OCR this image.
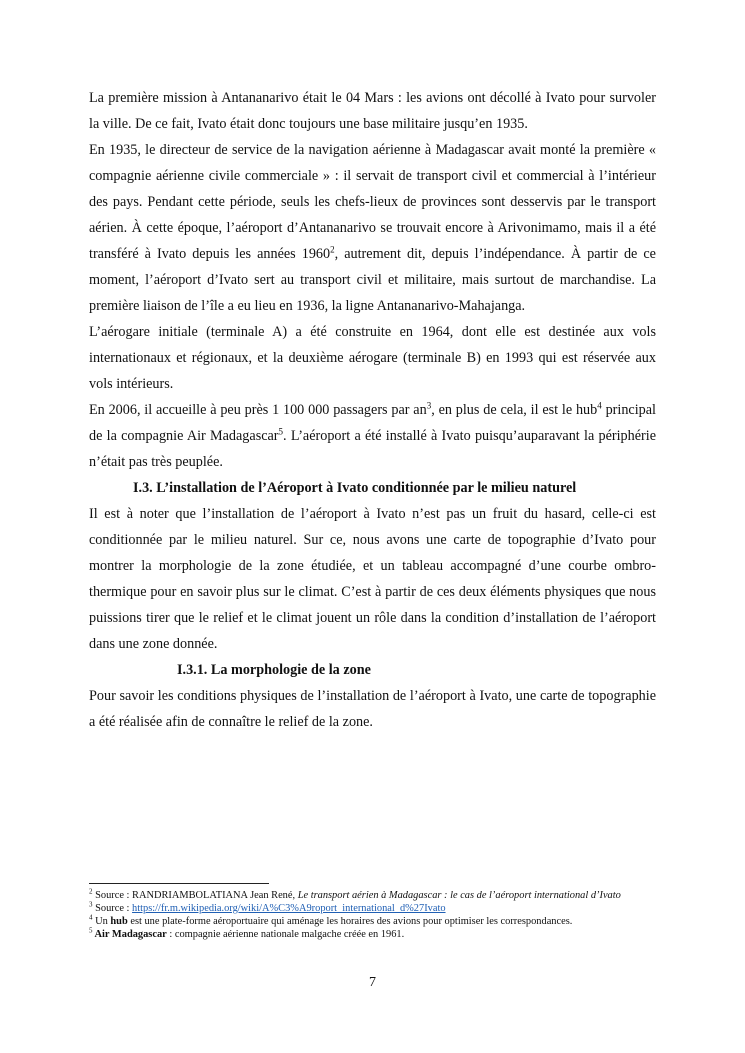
La première mission à Antananarivo était le 04 Mars : les avions ont décollé à Ivato pour survoler la ville. De ce fait, Ivato était donc toujours une base militaire jusqu’en 1935.

En 1935, le directeur de service de la navigation aérienne à Madagascar avait monté la première « compagnie aérienne civile commerciale » : il servait de transport civil et commercial à l’intérieur des pays. Pendant cette période, seuls les chefs-lieux de provinces sont desservis par le transport aérien. À cette époque, l’aéroport d’Antananarivo se trouvait encore à Arivonimamo, mais il a été transféré à Ivato depuis les années 1960$^2$, autrement dit, depuis l’indépendance. À partir de ce moment, l’aéroport d’Ivato sert au transport civil et militaire, mais surtout de marchandise. La première liaison de l’île a eu lieu en 1936, la ligne Antananarivo-Mahajanga.

L’aérogare initiale (terminale A) a été construite en 1964, dont elle est destinée aux vols internationaux et régionaux, et la deuxième aérogare (terminale B) en 1993 qui est réservée aux vols intérieurs.

En 2006, il accueille à peu près 1 100 000 passagers par $an^3$, en plus de cela, il est le hub$^4$ principal de la compagnie Air Madagascar$^5$. L’aéroport a été installé à Ivato puisqu’auparavant la périphérie n’était pas très peuplée.

I.3. L’installation de l’Aéroport à Ivato conditionnée par le milieu naturel

Il est à noter que l’installation de l’aéroport à Ivato n’est pas un fruit du hasard, celle-ci est conditionnée par le milieu naturel. Sur ce, nous avons une carte de topographie d’Ivato pour montrer la morphologie de la zone étudiée, et un tableau accompagné d’une courbe ombro-thermique pour en savoir plus sur le climat. C’est à partir de ces deux éléments physiques que nous puissions tirer que le relief et le climat jouent un rôle dans la condition d’installation de l’aéroport dans une zone donnée.

I.3.1. La morphologie de la zone

Pour savoir les conditions physiques de l’installation de l’aéroport à Ivato, une carte de topographie a été réalisée afin de connaître le relief de la zone.

$^2$ Source : RANDRIAMBOLATIANA Jean René, Le transport aérien à Madagascar : le cas de l’aéroport international d’Ivato

$^3$ Source : https://fr.m.wikipedia.org/wiki/A%C3%A9roport_international_d%27Ivato

$^4$ Un hub est une plate-forme aéroportuaire qui aménage les horaires des avions pour optimiser les correspondances.

$^5$ Air Madagascar : compagnie aérienne nationale malgache créée en 1961.

7
